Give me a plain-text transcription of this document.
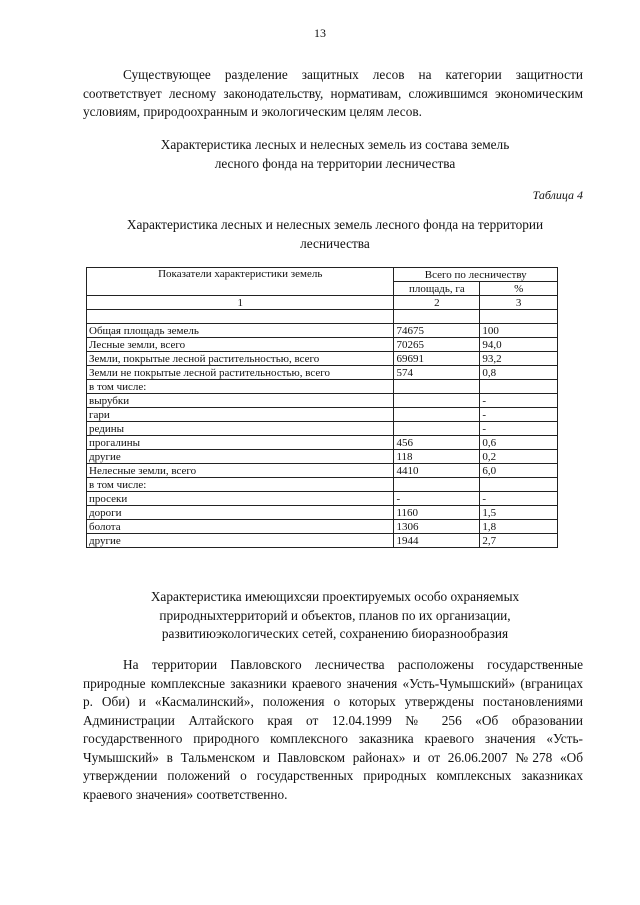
13
Существующее разделение защитных лесов на категории защитности соответствует лесному законодательству, нормативам, сложившимся экономическим условиям, природоохранным и экологическим целям лесов.
Характеристика лесных и нелесных земель из состава земель
лесного фонда на территории лесничества
Таблица 4
Характеристика лесных и нелесных земель лесного фонда на территории
лесничества
Показатели характеристики земель	Всего по лесничеству	
	площадь, га	%
1	2	3

Общая площадь земель	74675	100
Лесные земли, всего	70265	94,0
Земли, покрытые лесной растительностью, всего	69691	93,2
Земли не покрытые лесной растительностью, всего	574	0,8
в том числе:		
вырубки		-
гари		-
редины		-
прогалины	456	0,6
другие	118	0,2
Нелесные земли, всего	4410	6,0
в том числе:		
просеки	-	-
дороги	1160	1,5
болота	1306	1,8
другие	1944	2,7
Характеристика имеющихсяи проектируемых особо охраняемых
природныхтерриторий и объектов, планов по их организации,
развитиюэкологических сетей, сохранению биоразнообразия
На территории Павловского лесничества расположены государственные природные комплексные заказники краевого значения «Усть-Чумышский» (вграницах р. Оби) и «Касмалинский», положения о которых утверждены постановлениями Администрации Алтайского края от 12.04.1999 № 256 «Об образовании государственного природного комплексного заказника краевого значения «Усть-Чумышский» в Тальменском и Павловском районах» и от 26.06.2007 №278 «Об утверждении положений о государственных природных комплексных заказниках краевого значения» соответственно.
